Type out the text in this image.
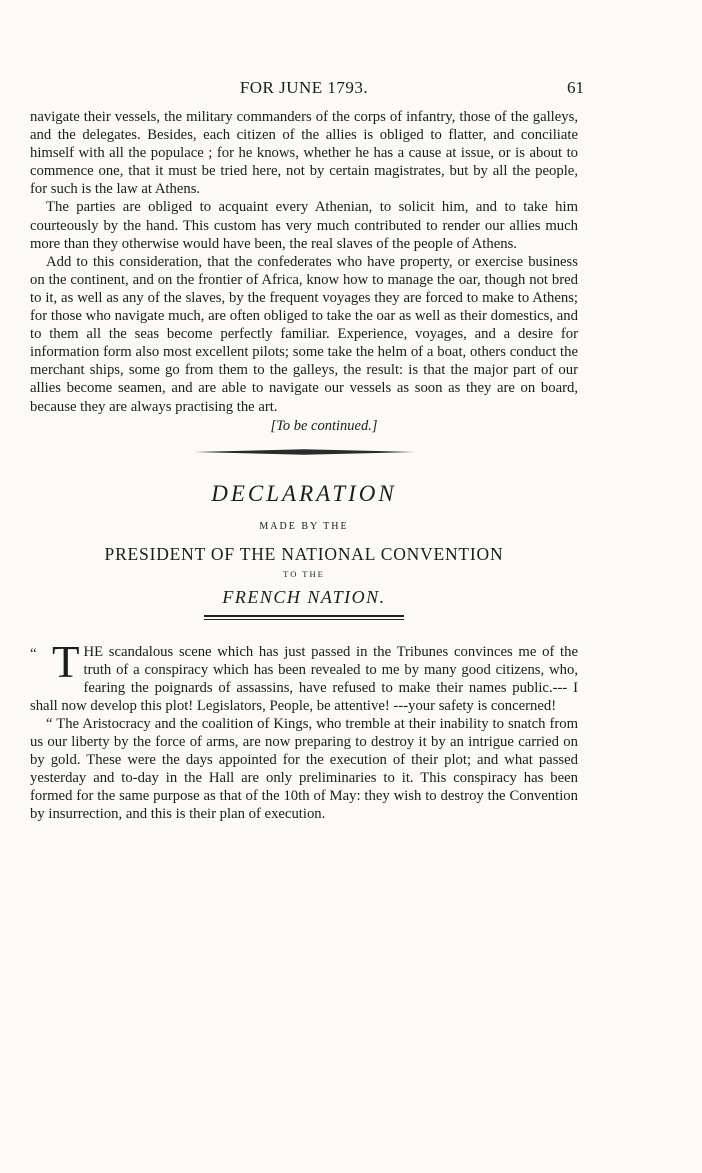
FOR JUNE 1793.	61

navigate their vessels, the military commanders of the corps of infantry, those of the galleys, and the delegates. Besides, each citizen of the allies is obliged to flatter, and conciliate himself with all the populace ; for he knows, whether he has a cause at issue, or is about to commence one, that it must be tried here, not by certain magistrates, but by all the people, for such is the law at Athens.

The parties are obliged to acquaint every Athenian, to solicit him, and to take him courteously by the hand. This custom has very much contributed to render our allies much more than they otherwise would have been, the real slaves of the people of Athens.

Add to this consideration, that the confederates who have property, or exercise business on the continent, and on the frontier of Africa, know how to manage the oar, though not bred to it, as well as any of the slaves, by the frequent voyages they are forced to make to Athens; for those who navigate much, are often obliged to take the oar as well as their domestics, and to them all the seas become perfectly familiar. Experience, voyages, and a desire for information form also most excellent pilots; some take the helm of a boat, others conduct the merchant ships, some go from them to the galleys, the result: is that the major part of our allies become seamen, and are able to navigate our vessels as soon as they are on board, because they are always practising the art.

[To be continued.]
DECLARATION
MADE BY THE
PRESIDENT OF THE NATIONAL CONVENTION
TO THE
FRENCH NATION.

“ T HE scandalous scene which has just passed in the Tribunes convinces me of the truth of a conspiracy which has been revealed to me by many good citizens, who, fearing the poignards of assassins, have refused to make their names public.--- I shall now develop this plot! Legislators, People, be attentive! ---your safety is concerned!

“ The Aristocracy and the coalition of Kings, who tremble at their inability to snatch from us our liberty by the force of arms, are now preparing to destroy it by an intrigue carried on by gold. These were the days appointed for the execution of their plot; and what passed yesterday and to-day in the Hall are only preliminaries to it. This conspiracy has been formed for the same purpose as that of the 10th of May: they wish to destroy the Convention by insurrection, and this is their plan of execution.
